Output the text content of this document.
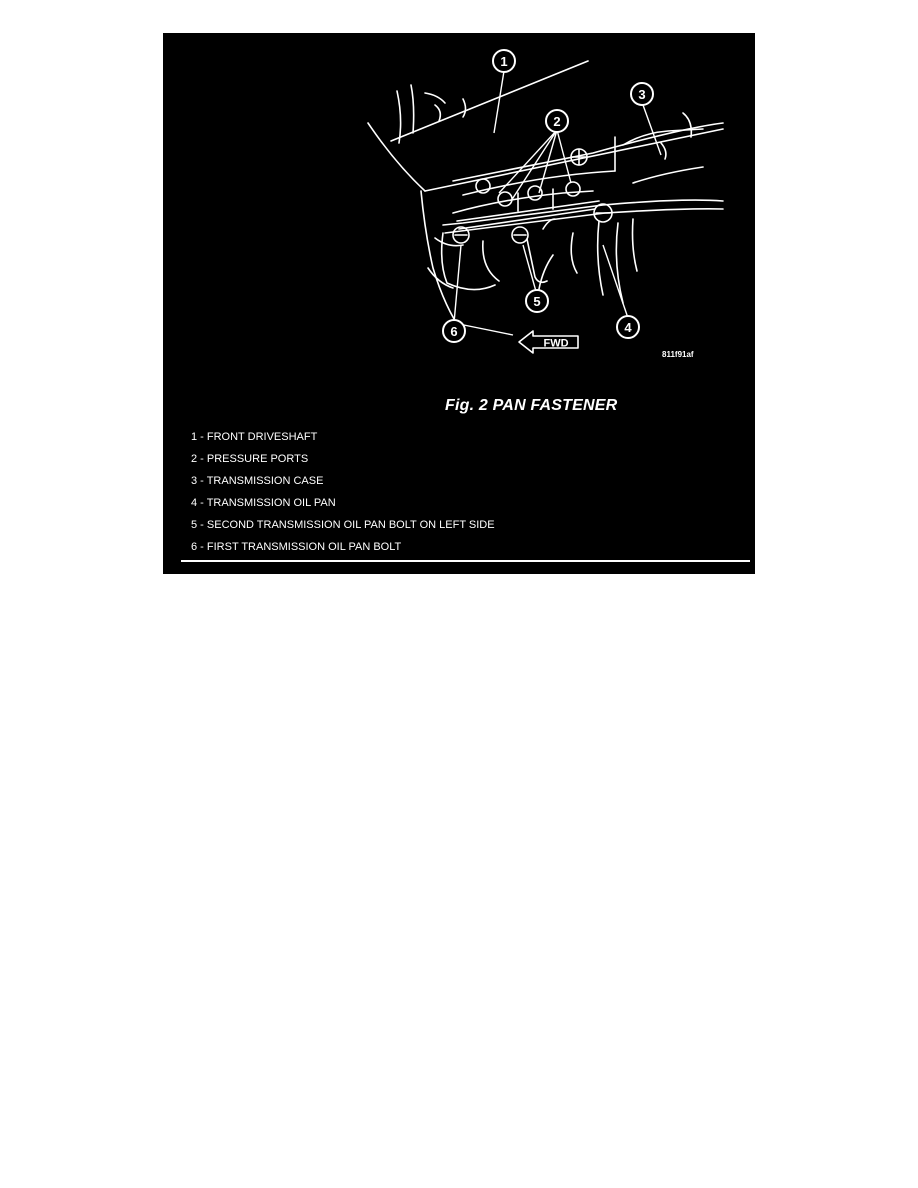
1
2
3
4
5
6
FWD
811f91af
Fig. 2 PAN FASTENER
1 - FRONT DRIVESHAFT
2 - PRESSURE PORTS
3 - TRANSMISSION CASE
4 - TRANSMISSION OIL PAN
5 - SECOND TRANSMISSION OIL PAN BOLT ON LEFT SIDE
6 - FIRST TRANSMISSION OIL PAN BOLT
